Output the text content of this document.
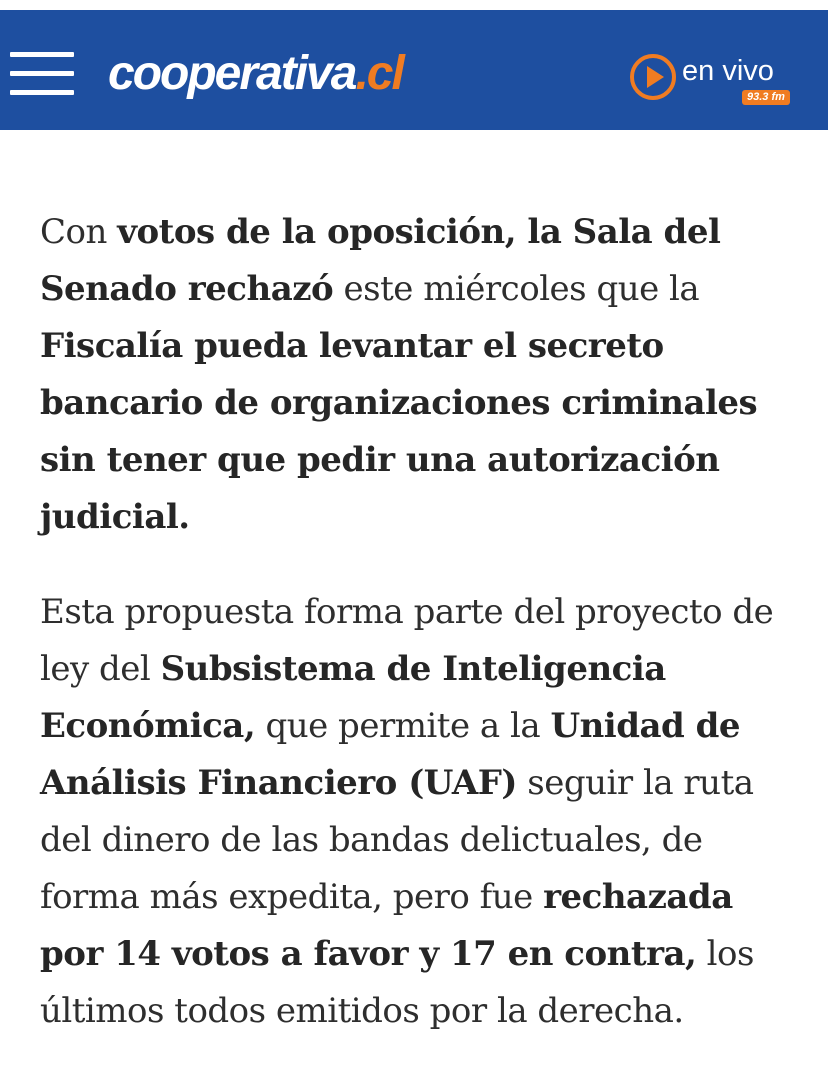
cooperativa.cl	en vivo
93.3 fm

Con votos de la oposición, la Sala del Senado rechazó este miércoles que la Fiscalía pueda levantar el secreto bancario de organizaciones criminales sin tener que pedir una autorización judicial.

Esta propuesta forma parte del proyecto de ley del Subsistema de Inteligencia Económica, que permite a la Unidad de Análisis Financiero (UAF) seguir la ruta del dinero de las bandas delictuales, de forma más expedita, pero fue rechazada por 14 votos a favor y 17 en contra, los últimos todos emitidos por la derecha.
